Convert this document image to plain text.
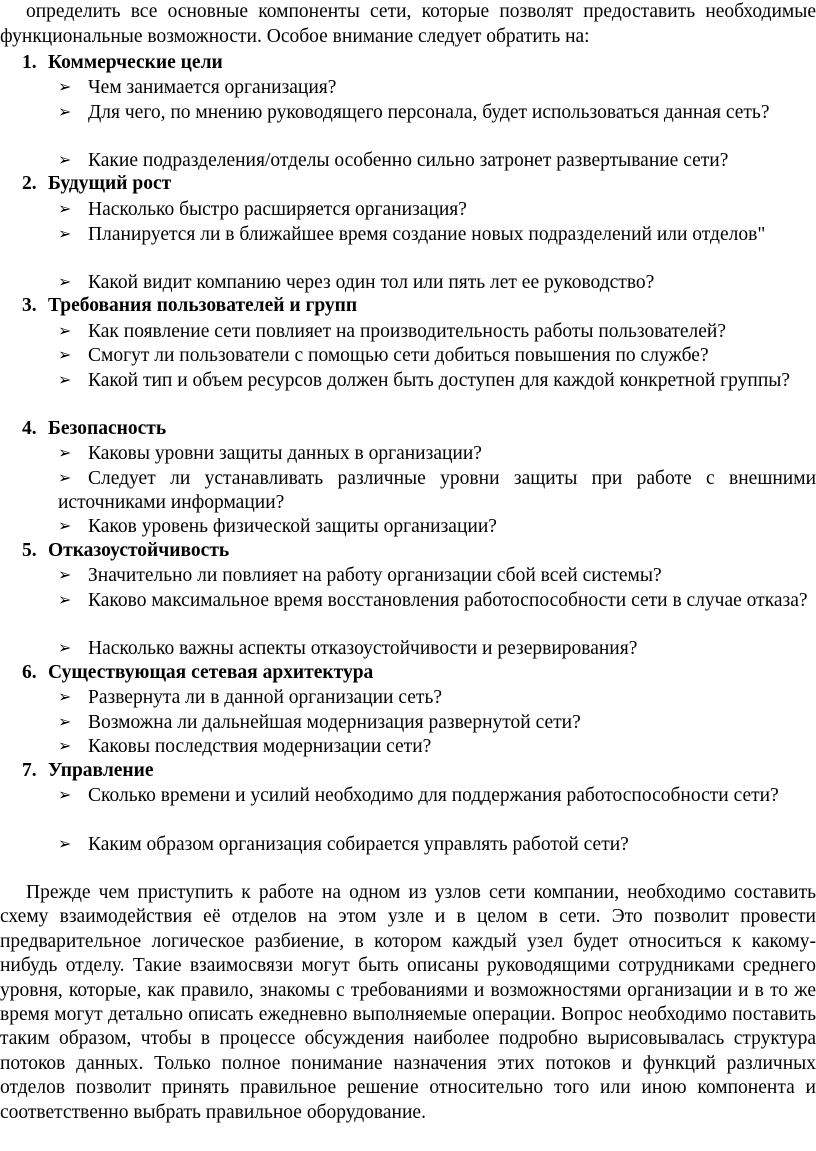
определить все основные компоненты сети, которые позволят предоставить необходимые функциональные возможности. Особое внимание следует обратить на:
1. Коммерческие цели
➢ Чем занимается организация?
➢ Для чего, по мнению руководящего персонала, будет использоваться данная сеть?
➢ Какие подразделения/отделы особенно сильно затронет развертывание сети?
2. Будущий рост
➢ Насколько быстро расширяется организация?
➢ Планируется ли в ближайшее время создание новых подразделений или отделов"
➢ Какой видит компанию через один тол или пять лет ее руководство?
3. Требования пользователей и групп
➢ Как появление сети повлияет на производительность работы пользователей?
➢ Смогут ли пользователи с помощью сети добиться повышения по службе?
➢ Какой тип и объем ресурсов должен быть доступен для каждой конкретной группы?
4. Безопасность
➢ Каковы уровни защиты данных в организации?
➢ Следует ли устанавливать различные уровни защиты при работе с внешними источниками информации?
➢ Каков уровень физической защиты организации?
5. Отказоустойчивость
➢ Значительно ли повлияет на работу организации сбой всей системы?
➢ Каково максимальное время восстановления работоспособности сети в случае отказа?
➢ Насколько важны аспекты отказоустойчивости и резервирования?
6. Существующая сетевая архитектура
➢ Развернута ли в данной организации сеть?
➢ Возможна ли дальнейшая модернизация развернутой сети?
➢ Каковы последствия модернизации сети?
7. Управление
➢ Сколько времени и усилий необходимо для поддержания работоспособности сети?
➢ Каким образом организация собирается управлять работой сети?
Прежде чем приступить к работе на одном из узлов сети компании, необходимо составить схему взаимодействия её отделов на этом узле и в целом в сети. Это позволит провести предварительное логическое разбиение, в котором каждый узел будет относиться к какому-нибудь отделу. Такие взаимосвязи могут быть описаны руководящими сотрудниками среднего уровня, которые, как правило, знакомы с требованиями и возможностями организации и в то же время могут детально описать ежедневно выполняемые операции. Вопрос необходимо поставить таким образом, чтобы в процессе обсуждения наиболее подробно вырисовывалась структура потоков данных. Только полное понимание назначения этих потоков и функций различных отделов позволит принять правильное решение относительно того или иною компонента и соответственно выбрать правильное оборудование.
